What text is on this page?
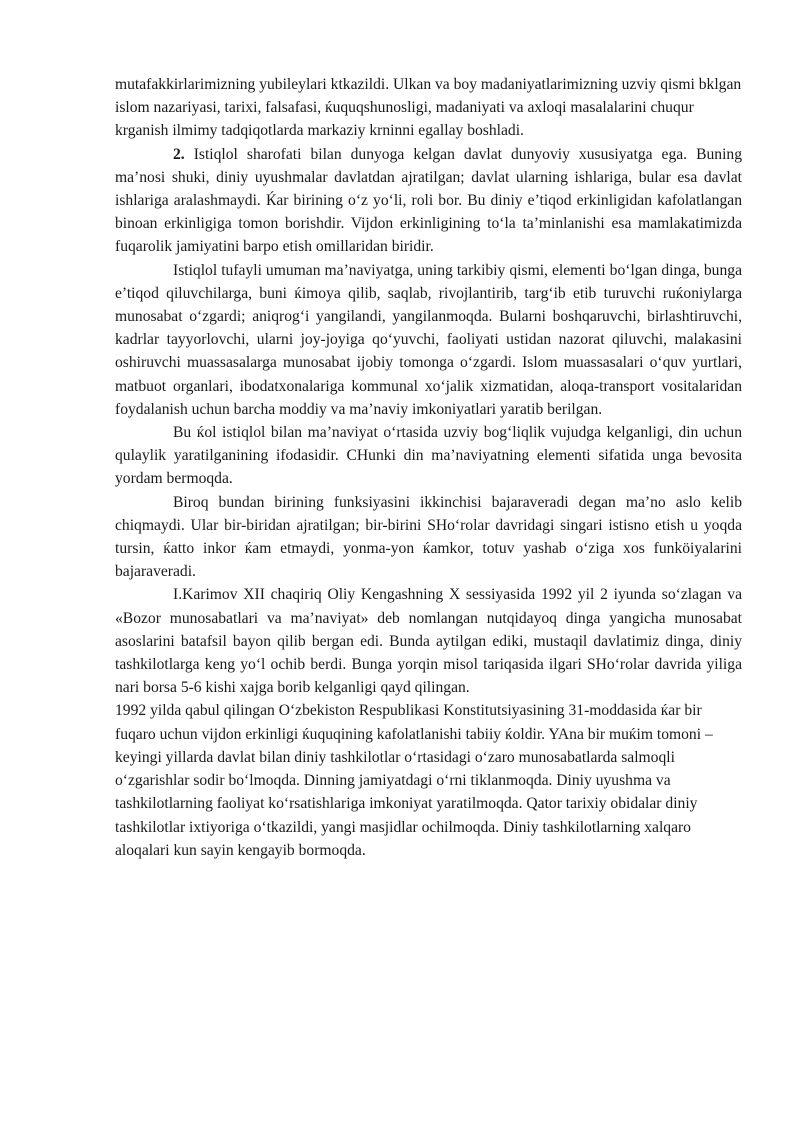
mutafakkirlarimizning yubileylari ktkazildi. Ulkan va boy madaniyatlarimizning uzviy qismi bklgan islom nazariyasi, tarixi, falsafasi, ќuquqshunosligi, madaniyati va axloqi masalalarini chuqur krganish ilmimy tadqiqotlarda markaziy krninni egallay boshladi.

2. Istiqlol sharofati bilan dunyoga kelgan davlat dunyoviy xususiyatga ega. Buning ma’nosi shuki, diniy uyushmalar davlatdan ajratilgan; davlat ularning ishlariga, bular esa davlat ishlariga aralashmaydi. Ќar birining o‘z yo‘li, roli bor. Bu diniy e’tiqod erkinligidan kafolatlangan binoan erkinligiga tomon borishdir. Vijdon erkinligining to‘la ta’minlanishi esa mamlakatimizda fuqarolik jamiyatini barpo etish omillaridan biridir.

Istiqlol tufayli umuman ma’naviyatga, uning tarkibiy qismi, elementi bo‘lgan dinga, bunga e’tiqod qiluvchilarga, buni ќimoya qilib, saqlab, rivojlantirib, targ‘ib etib turuvchi ruќoniylarga munosabat o‘zgardi; aniqrog‘i yangilandi, yangilanmoqda. Bularni boshqaruvchi, birlashtiruvchi, kadrlar tayyorlovchi, ularni joy-joyiga qo‘yuvchi, faoliyati ustidan nazorat qiluvchi, malakasini oshiruvchi muassasalarga munosabat ijobiy tomonga o‘zgardi. Islom muassasalari o‘quv yurtlari, matbuot organlari, ibodatxonalariga kommunal xo‘jalik xizmatidan, aloqa-transport vositalaridan foydalanish uchun barcha moddiy va ma’naviy imkoniyatlari yaratib berilgan.

Bu ќol istiqlol bilan ma’naviyat o‘rtasida uzviy bog‘liqlik vujudga kelganligi, din uchun qulaylik yaratilganining ifodasidir. CHunki din ma’naviyatning elementi sifatida unga bevosita yordam bermoqda.

Biroq bundan birining funksiyasini ikkinchisi bajaraveradi degan ma’no aslo kelib chiqmaydi. Ular bir-biridan ajratilgan; bir-birini SHo‘rolar davridagi singari istisno etish u yoqda tursin, ќatto inkor ќam etmaydi, yonma-yon ќamkor, totuv yashab o‘ziga xos funköiyalarini bajaraveradi.

I.Karimov XII chaqiriq Oliy Kengashning X sessiyasida 1992 yil 2 iyunda so‘zlagan va «Bozor munosabatlari va ma’naviyat» deb nomlangan nutqidayoq dinga yangicha munosabat asoslarini batafsil bayon qilib bergan edi. Bunda aytilgan ediki, mustaqil davlatimiz dinga, diniy tashkilotlarga keng yo‘l ochib berdi. Bunga yorqin misol tariqasida ilgari SHo‘rolar davrida yiliga nari borsa 5-6 kishi xajga borib kelganligi qayd qilingan.

1992 yilda qabul qilingan O‘zbekiston Respublikasi Konstitutsiyasining 31-moddasida ќar bir fuqaro uchun vijdon erkinligi ќuquqining kafolatlanishi tabiiy ќoldir. YAna bir muќim tomoni – keyingi yillarda davlat bilan diniy tashkilotlar o‘rtasidagi o‘zaro munosabatlarda salmoqli o‘zgarishlar sodir bo‘lmoqda. Dinning jamiyatdagi o‘rni tiklanmoqda. Diniy uyushma va tashkilotlarning faoliyat ko‘rsatishlariga imkoniyat yaratilmoqda. Qator tarixiy obidalar diniy tashkilotlar ixtiyoriga o‘tkazildi, yangi masjidlar ochilmoqda. Diniy tashkilotlarning xalqaro aloqalari kun sayin kengayib bormoqda.
